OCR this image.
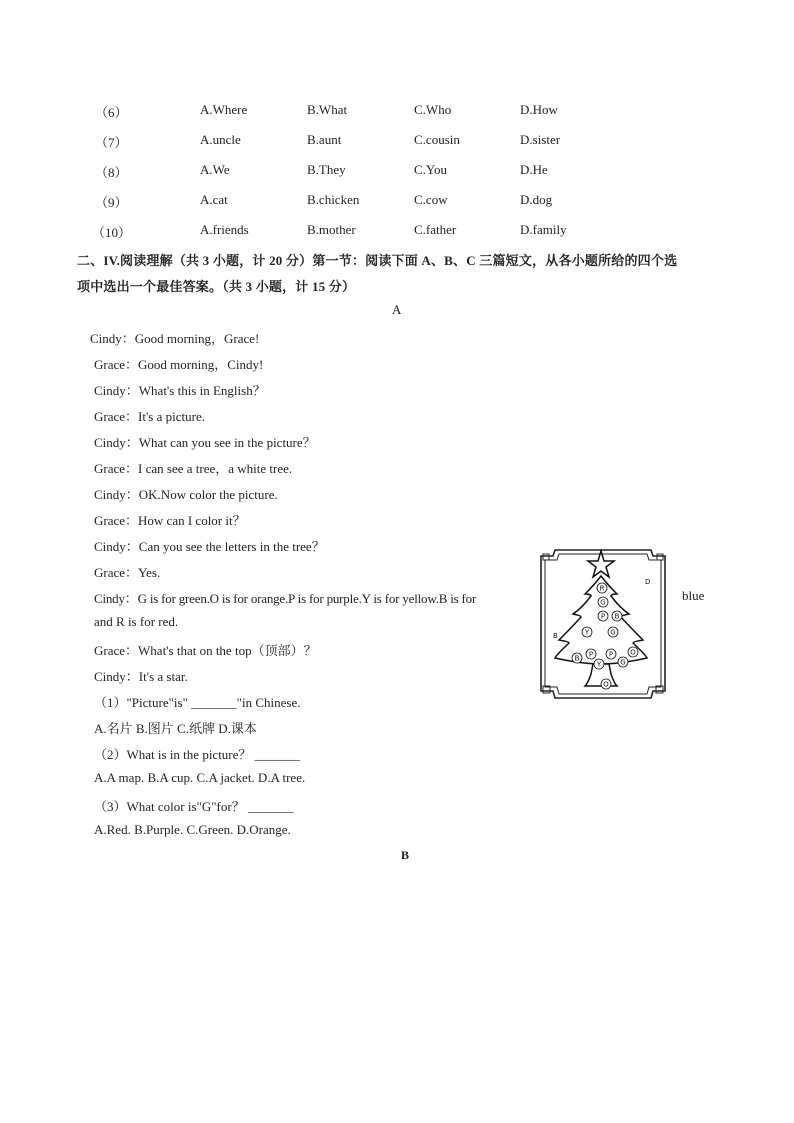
（6）	A.Where	B.What	C.Who	D.How
（7）	A.uncle	B.aunt	C.cousin	D.sister
（8）	A.We	B.They	C.You	D.He
（9）	A.cat	B.chicken	C.cow	D.dog
（10）	A.friends	B.mother	C.father	D.family
二、IV.阅读理解（共 3 小题，计 20 分）第一节：阅读下面 A、B、C 三篇短文，从各小题所给的四个选
项中选出一个最佳答案。（共 3 小题，计 15 分）
A
Cindy：Good morning，Grace!
Grace：Good morning，Cindy!
Cindy：What's this in English？
Grace：It's a picture.
Cindy：What can you see in the picture？
Grace：I can see a tree，a white tree.
Cindy：OK.Now color the picture.
Grace：How can I color it？
Cindy：Can you see the letters in the tree？
Grace：Yes.
Cindy：G is for green.O is for orange.P is for purple.Y is for yellow.B is for	blue
and R is for red.
Grace：What's that on the top（顶部）？
Cindy：It's a star.
（1）"Picture"is" _______"in Chinese.
A.名片 B.图片 C.纸牌 D.课本
（2）What is in the picture？ _______
A.A map. B.A cup. C.A jacket. D.A tree.
（3）What color is"G"for？ _______
A.Red. B.Purple. C.Green. D.Orange.
B
R
G
P B
Y	G
B P P O
Y	G
O
D
B
